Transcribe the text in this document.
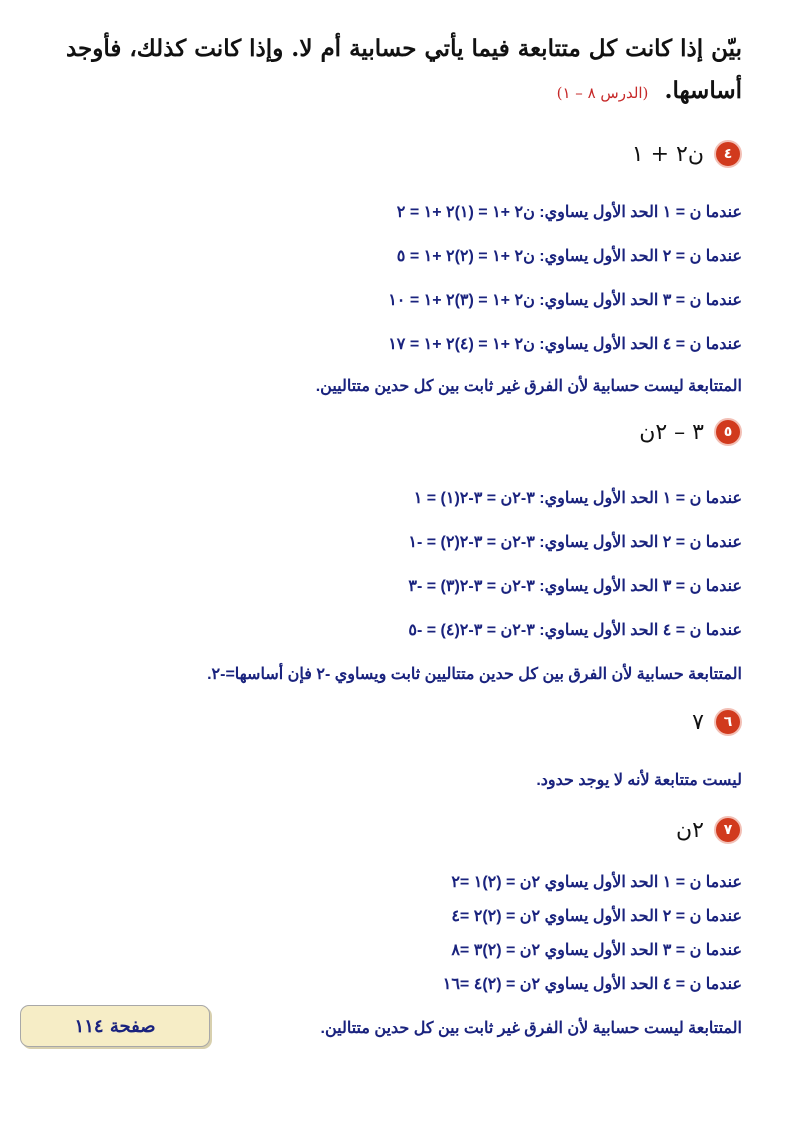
بيّن إذا كانت كل متتابعة فيما يأتي حسابية أم لا. وإذا كانت كذلك، فأوجد أساسها. (الدرس ٨ – ١)
٤
ن٢ + ١
عندما ن = ١ الحد الأول يساوي: ن٢ +١ = (١)٢ +١ = ٢
عندما ن = ٢ الحد الأول يساوي: ن٢ +١ = (٢)٢ +١ = ٥
عندما ن = ٣ الحد الأول يساوي: ن٢ +١ = (٣)٢ +١ = ١٠
عندما ن = ٤ الحد الأول يساوي: ن٢ +١ = (٤)٢ +١ = ١٧
المتتابعة ليست حسابية لأن الفرق غير ثابت بين كل حدين متتاليين.
٥
٣ – ٢ن
عندما ن = ١ الحد الأول يساوي: ٣-٢ن = ٣-٢(١) = ١
عندما ن = ٢ الحد الأول يساوي: ٣-٢ن = ٣-٢(٢) = -١
عندما ن = ٣ الحد الأول يساوي: ٣-٢ن = ٣-٢(٣) = -٣
عندما ن = ٤ الحد الأول يساوي: ٣-٢ن = ٣-٢(٤) = -٥
المتتابعة حسابية لأن الفرق بين كل حدين متتاليين ثابت ويساوي -٢ فإن أساسها=-٢.
٦
٧
ليست متتابعة لأنه لا يوجد حدود.
٧
٢ن
عندما ن = ١ الحد الأول يساوي ٢ن = (٢)١ =٢
عندما ن = ٢ الحد الأول يساوي ٢ن = (٢)٢ =٤
عندما ن = ٣ الحد الأول يساوي ٢ن = (٢)٣ =٨
عندما ن = ٤ الحد الأول يساوي ٢ن = (٢)٤ =١٦
المتتابعة ليست حسابية لأن الفرق غير ثابت بين كل حدين متتالين.
صفحة ١١٤
